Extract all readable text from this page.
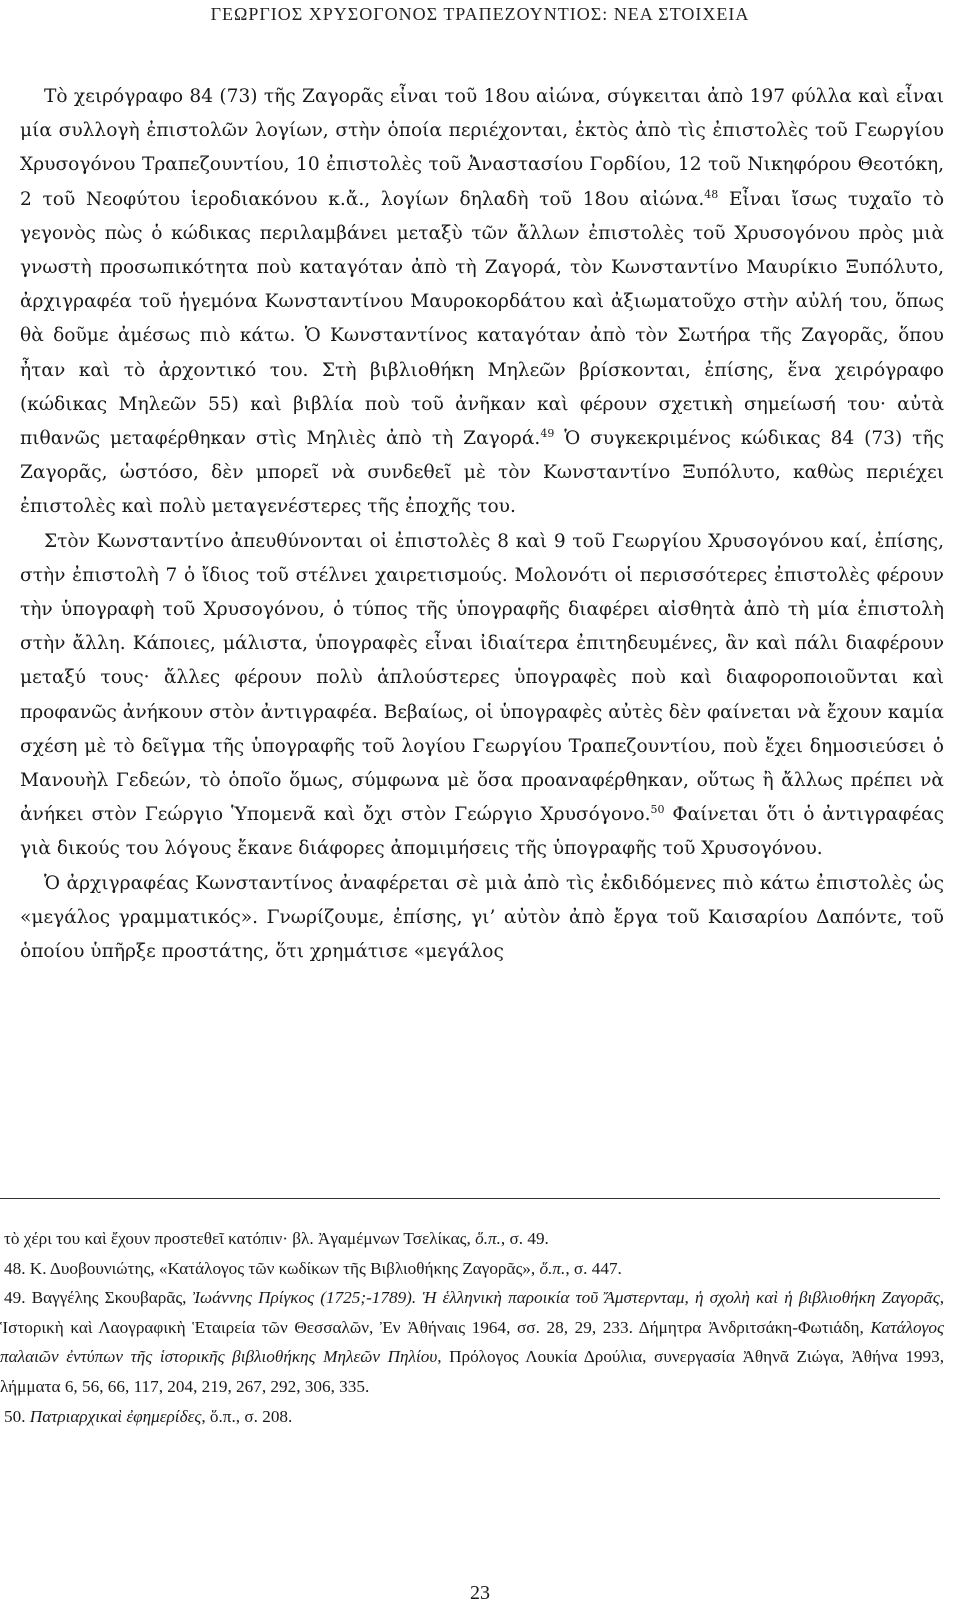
ΓΕΩΡΓΙΟΣ ΧΡΥΣΟΓΟΝΟΣ ΤΡΑΠΕΖΟΥΝΤΙΟΣ: ΝΕΑ ΣΤΟΙΧΕΙΑ

Τὸ χειρόγραφο 84 (73) τῆς Ζαγορᾶς εἶναι τοῦ 18ου αἰώνα, σύγκειται ἀπὸ 197 φύλλα καὶ εἶναι μία συλλογὴ ἐπιστολῶν λογίων, στὴν ὁποία περιέχονται, ἐκτὸς ἀπὸ τὶς ἐπιστολὲς τοῦ Γεωργίου Χρυσογόνου Τραπεζουντίου, 10 ἐπιστολὲς τοῦ Ἀναστασίου Γορδίου, 12 τοῦ Νικηφόρου Θεοτόκη, 2 τοῦ Νεοφύτου ἱεροδιακόνου κ.ἄ., λογίων δηλαδὴ τοῦ 18ου αἰώνα.$^{48}$ Εἶναι ἴσως τυχαῖο τὸ γεγονὸς πὼς ὁ κώδικας περιλαμβάνει μεταξὺ τῶν ἄλλων ἐπιστολὲς τοῦ Χρυσογόνου πρὸς μιὰ γνωστὴ προσωπικότητα ποὺ καταγόταν ἀπὸ τὴ Ζαγορά, τὸν Κωνσταντίνο Μαυρίκιο Ξυπόλυτο, ἀρχιγραφέα τοῦ ἡγεμόνα Κωνσταντίνου Μαυροκορδάτου καὶ ἀξιωματοῦχο στὴν αὐλή του, ὅπως θὰ δοῦμε ἀμέσως πιὸ κάτω. Ὁ Κωνσταντίνος καταγόταν ἀπὸ τὸν Σωτήρα τῆς Ζαγορᾶς, ὅπου ἦταν καὶ τὸ ἀρχοντικό του. Στὴ βιβλιοθήκη Μηλεῶν βρίσκονται, ἐπίσης, ἕνα χειρόγραφο (κώδικας Μηλεῶν 55) καὶ βιβλία ποὺ τοῦ ἀνῆκαν καὶ φέρουν σχετικὴ σημείωσή του· αὐτὰ πιθανῶς μεταφέρθηκαν στὶς Μηλιὲς ἀπὸ τὴ Ζαγορά.$^{49}$ Ὁ συγκεκριμένος κώδικας 84 (73) τῆς Ζαγορᾶς, ὡστόσο, δὲν μπορεῖ νὰ συνδεθεῖ μὲ τὸν Κωνσταντίνο Ξυπόλυτο, καθὼς περιέχει ἐπιστολὲς καὶ πολὺ μεταγενέστερες τῆς ἐποχῆς του.

Στὸν Κωνσταντίνο ἀπευθύνονται οἱ ἐπιστολὲς 8 καὶ 9 τοῦ Γεωργίου Χρυσογόνου καί, ἐπίσης, στὴν ἐπιστολὴ 7 ὁ ἴδιος τοῦ στέλνει χαιρετισμούς. Μολονότι οἱ περισσότερες ἐπιστολὲς φέρουν τὴν ὑπογραφὴ τοῦ Χρυσογόνου, ὁ τύπος τῆς ὑπογραφῆς διαφέρει αἰσθητὰ ἀπὸ τὴ μία ἐπιστολὴ στὴν ἄλλη. Κάποιες, μάλιστα, ὑπογραφὲς εἶναι ἰδιαίτερα ἐπιτηδευμένες, ἂν καὶ πάλι διαφέρουν μεταξύ τους· ἄλλες φέρουν πολὺ ἁπλούστερες ὑπογραφὲς ποὺ καὶ διαφοροποιοῦνται καὶ προφανῶς ἀνήκουν στὸν ἀντιγραφέα. Βεβαίως, οἱ ὑπογραφὲς αὐτὲς δὲν φαίνεται νὰ ἔχουν καμία σχέση μὲ τὸ δεῖγμα τῆς ὑπογραφῆς τοῦ λογίου Γεωργίου Τραπεζουντίου, ποὺ ἔχει δημοσιεύσει ὁ Μανουὴλ Γεδεών, τὸ ὁποῖο ὅμως, σύμφωνα μὲ ὅσα προαναφέρθηκαν, οὕτως ἢ ἄλλως πρέπει νὰ ἀνήκει στὸν Γεώργιο Ὑπομενᾶ καὶ ὄχι στὸν Γεώργιο Χρυσόγονο.$^{50}$ Φαίνεται ὅτι ὁ ἀντιγραφέας γιὰ δικούς του λόγους ἔκανε διάφορες ἀπομιμήσεις τῆς ὑπογραφῆς τοῦ Χρυσογόνου.

Ὁ ἀρχιγραφέας Κωνσταντίνος ἀναφέρεται σὲ μιὰ ἀπὸ τὶς ἐκδιδόμενες πιὸ κάτω ἐπιστολὲς ὡς «μεγάλος γραμματικός». Γνωρίζουμε, ἐπίσης, γι’ αὐτὸν ἀπὸ ἔργα τοῦ Καισαρίου Δαπόντε, τοῦ ὁποίου ὑπῆρξε προστάτης, ὅτι χρημάτισε «μεγάλος

τὸ χέρι του καὶ ἔχουν προστεθεῖ κατόπιν· βλ. Ἀγαμέμνων Τσελίκας, ὅ.π., σ. 49.

48. Κ. Δυοβουνιώτης, «Κατάλογος τῶν κωδίκων τῆς Βιβλιοθήκης Ζαγορᾶς», ὅ.π., σ. 447.

49. Βαγγέλης Σκουβαρᾶς, Ἰωάννης Πρίγκος (1725;-1789). Ἡ ἑλληνικὴ παροικία τοῦ Ἄμστερνταμ, ἡ σχολὴ καὶ ἡ βιβλιοθήκη Ζαγορᾶς, Ἱστορικὴ καὶ Λαογραφικὴ Ἑταιρεία τῶν Θεσσαλῶν, Ἐν Ἀθήναις 1964, σσ. 28, 29, 233. Δήμητρα Ἀνδριτσάκη-Φωτιάδη, Κατάλογος παλαιῶν ἐντύπων τῆς ἱστορικῆς βιβλιοθήκης Μηλεῶν Πηλίου, Πρόλογος Λουκία Δρούλια, συνεργασία Ἀθηνᾶ Ζιώγα, Ἀθήνα 1993, λήμματα 6, 56, 66, 117, 204, 219, 267, 292, 306, 335.

50. Πατριαρχικαὶ ἐφημερίδες, ὅ.π., σ. 208.

23
